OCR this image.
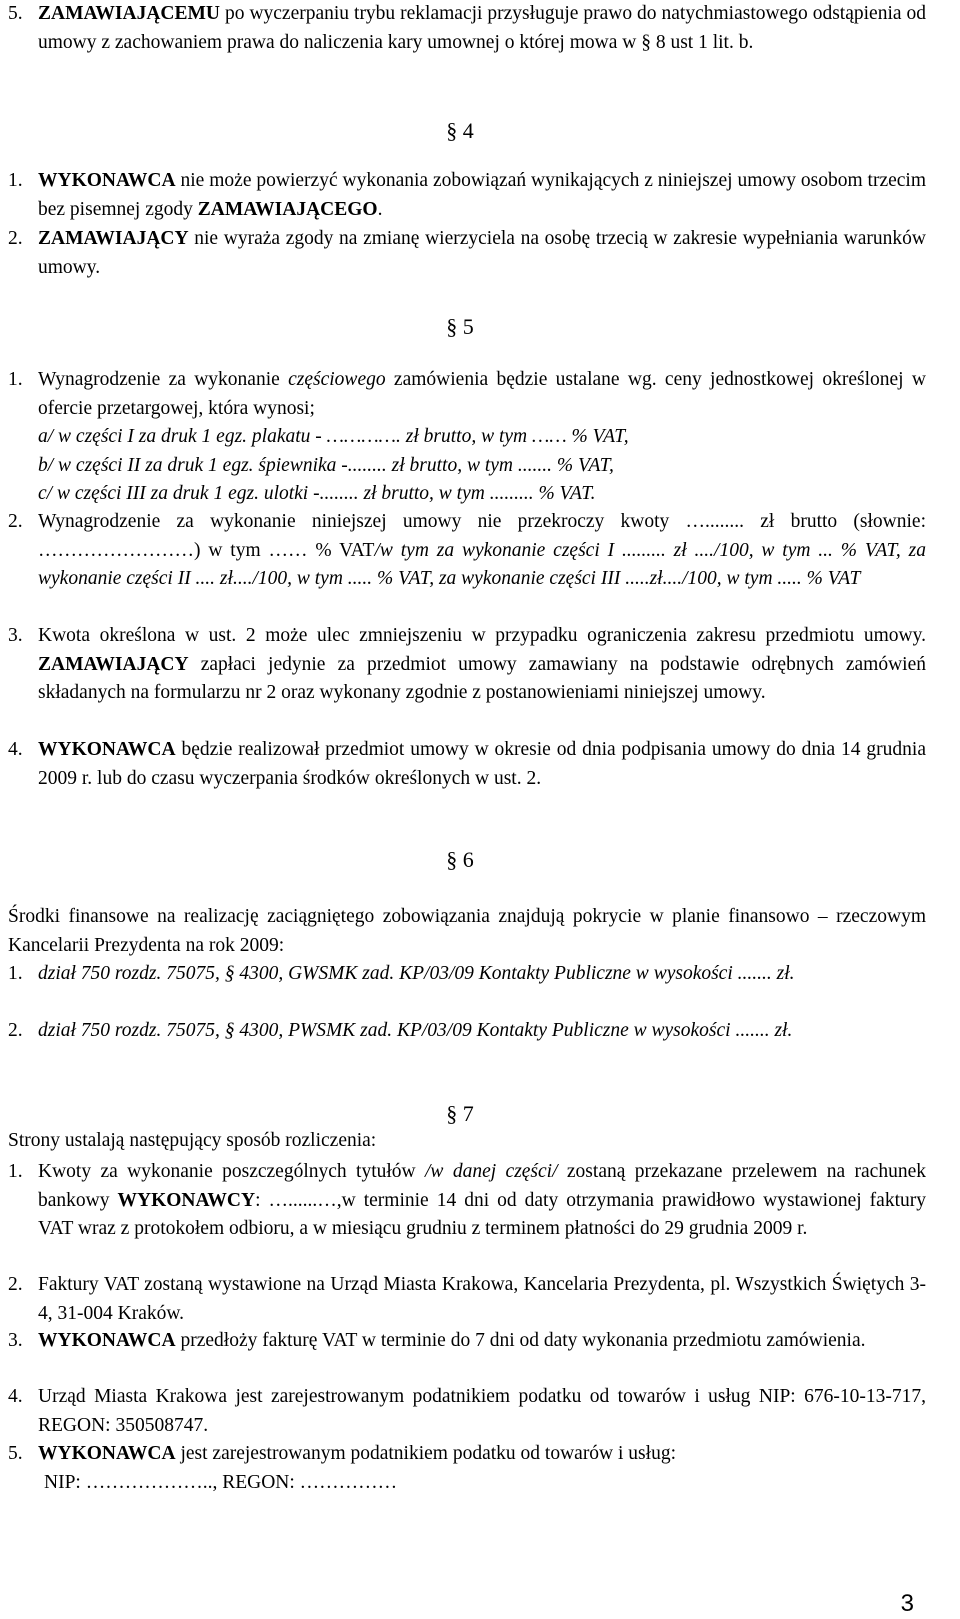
5. ZAMAWIAJĄCEMU po wyczerpaniu trybu reklamacji przysługuje prawo do natychmiastowego odstąpienia od umowy z zachowaniem prawa do naliczenia kary umownej o której mowa w § 8 ust 1 lit. b.

§ 4

1. WYKONAWCA nie może powierzyć wykonania zobowiązań wynikających z niniejszej umowy osobom trzecim bez pisemnej zgody ZAMAWIAJĄCEGO.

2. ZAMAWIAJĄCY nie wyraża zgody na zmianę wierzyciela na osobę trzecią w zakresie wypełniania warunków umowy.

§ 5

1. Wynagrodzenie za wykonanie częściowego zamówienia będzie ustalane wg. ceny jednostkowej określonej w ofercie przetargowej, która wynosi;

a/ w części I za druk 1 egz. plakatu - …………. zł brutto, w tym …… % VAT,

b/ w części II za druk 1 egz. śpiewnika -........ zł brutto, w tym ....... % VAT,

c/ w części III za druk 1 egz. ulotki -........ zł brutto, w tym ......... % VAT.

2. Wynagrodzenie za wykonanie niniejszej umowy nie przekroczy kwoty …........ zł brutto (słownie: ……………………) w tym …… % VAT/w tym za wykonanie części I ......... zł ..../100, w tym ... % VAT, za wykonanie części II .... zł..../100, w tym ..... % VAT, za wykonanie części III .....zł..../100, w tym ..... % VAT

3. Kwota określona w ust. 2 może ulec zmniejszeniu w przypadku ograniczenia zakresu przedmiotu umowy. ZAMAWIAJĄCY zapłaci jedynie za przedmiot umowy zamawiany na podstawie odrębnych zamówień składanych na formularzu nr 2 oraz wykonany zgodnie z postanowieniami niniejszej umowy.

4. WYKONAWCA będzie realizował przedmiot umowy w okresie od dnia podpisania umowy do dnia 14 grudnia 2009 r. lub do czasu wyczerpania środków określonych w ust. 2.

§ 6

Środki finansowe na realizację zaciągniętego zobowiązania znajdują pokrycie w planie finansowo – rzeczowym Kancelarii Prezydenta na rok 2009:

1. dział 750 rozdz. 75075, § 4300, GWSMK zad. KP/03/09 Kontakty Publiczne w wysokości ....... zł.

2. dział 750 rozdz. 75075, § 4300, PWSMK zad. KP/03/09 Kontakty Publiczne w wysokości ....... zł.

§ 7

Strony ustalają następujący sposób rozliczenia:

1. Kwoty za wykonanie poszczególnych tytułów /w danej części/ zostaną przekazane przelewem na rachunek bankowy WYKONAWCY: …......…,w terminie 14 dni od daty otrzymania prawidłowo wystawionej faktury VAT wraz z protokołem odbioru, a w miesiącu grudniu z terminem płatności do 29 grudnia 2009 r.

2. Faktury VAT zostaną wystawione na Urząd Miasta Krakowa, Kancelaria Prezydenta, pl. Wszystkich Świętych 3-4, 31-004 Kraków.

3. WYKONAWCA przedłoży fakturę VAT w terminie do 7 dni od daty wykonania przedmiotu zamówienia.

4. Urząd Miasta Krakowa jest zarejestrowanym podatnikiem podatku od towarów i usług NIP: 676-10-13-717, REGON: 350508747.

5. WYKONAWCA jest zarejestrowanym podatnikiem podatku od towarów i usług:

NIP: ……………….., REGON: ……………

3
